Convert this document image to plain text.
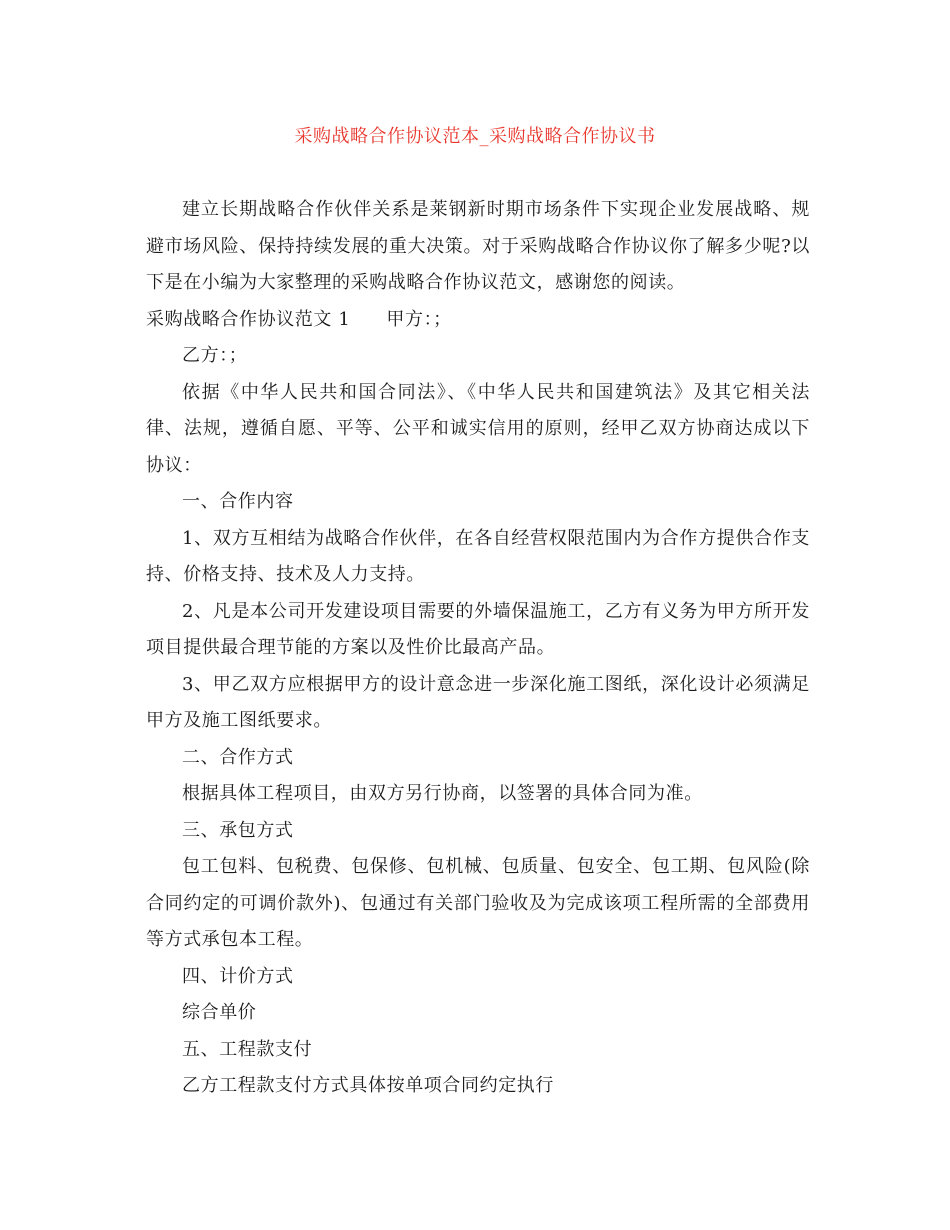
采购战略合作协议范本_采购战略合作协议书

建立长期战略合作伙伴关系是莱钢新时期市场条件下实现企业发展战略、规避市场风险、保持持续发展的重大决策。对于采购战略合作协议你了解多少呢?以下是在小编为大家整理的采购战略合作协议范文，感谢您的阅读。

采购战略合作协议范文 1 甲方：；

乙方：；

依据《中华人民共和国合同法》、《中华人民共和国建筑法》及其它相关法律、法规，遵循自愿、平等、公平和诚实信用的原则，经甲乙双方协商达成以下协议：

一、合作内容

1、双方互相结为战略合作伙伴，在各自经营权限范围内为合作方提供合作支持、价格支持、技术及人力支持。

2、凡是本公司开发建设项目需要的外墙保温施工，乙方有义务为甲方所开发项目提供最合理节能的方案以及性价比最高产品。

3、甲乙双方应根据甲方的设计意念进一步深化施工图纸，深化设计必须满足甲方及施工图纸要求。

二、合作方式

根据具体工程项目，由双方另行协商，以签署的具体合同为准。

三、承包方式

包工包料、包税费、包保修、包机械、包质量、包安全、包工期、包风险(除合同约定的可调价款外)、包通过有关部门验收及为完成该项工程所需的全部费用等方式承包本工程。

四、计价方式

综合单价

五、工程款支付

乙方工程款支付方式具体按单项合同约定执行
